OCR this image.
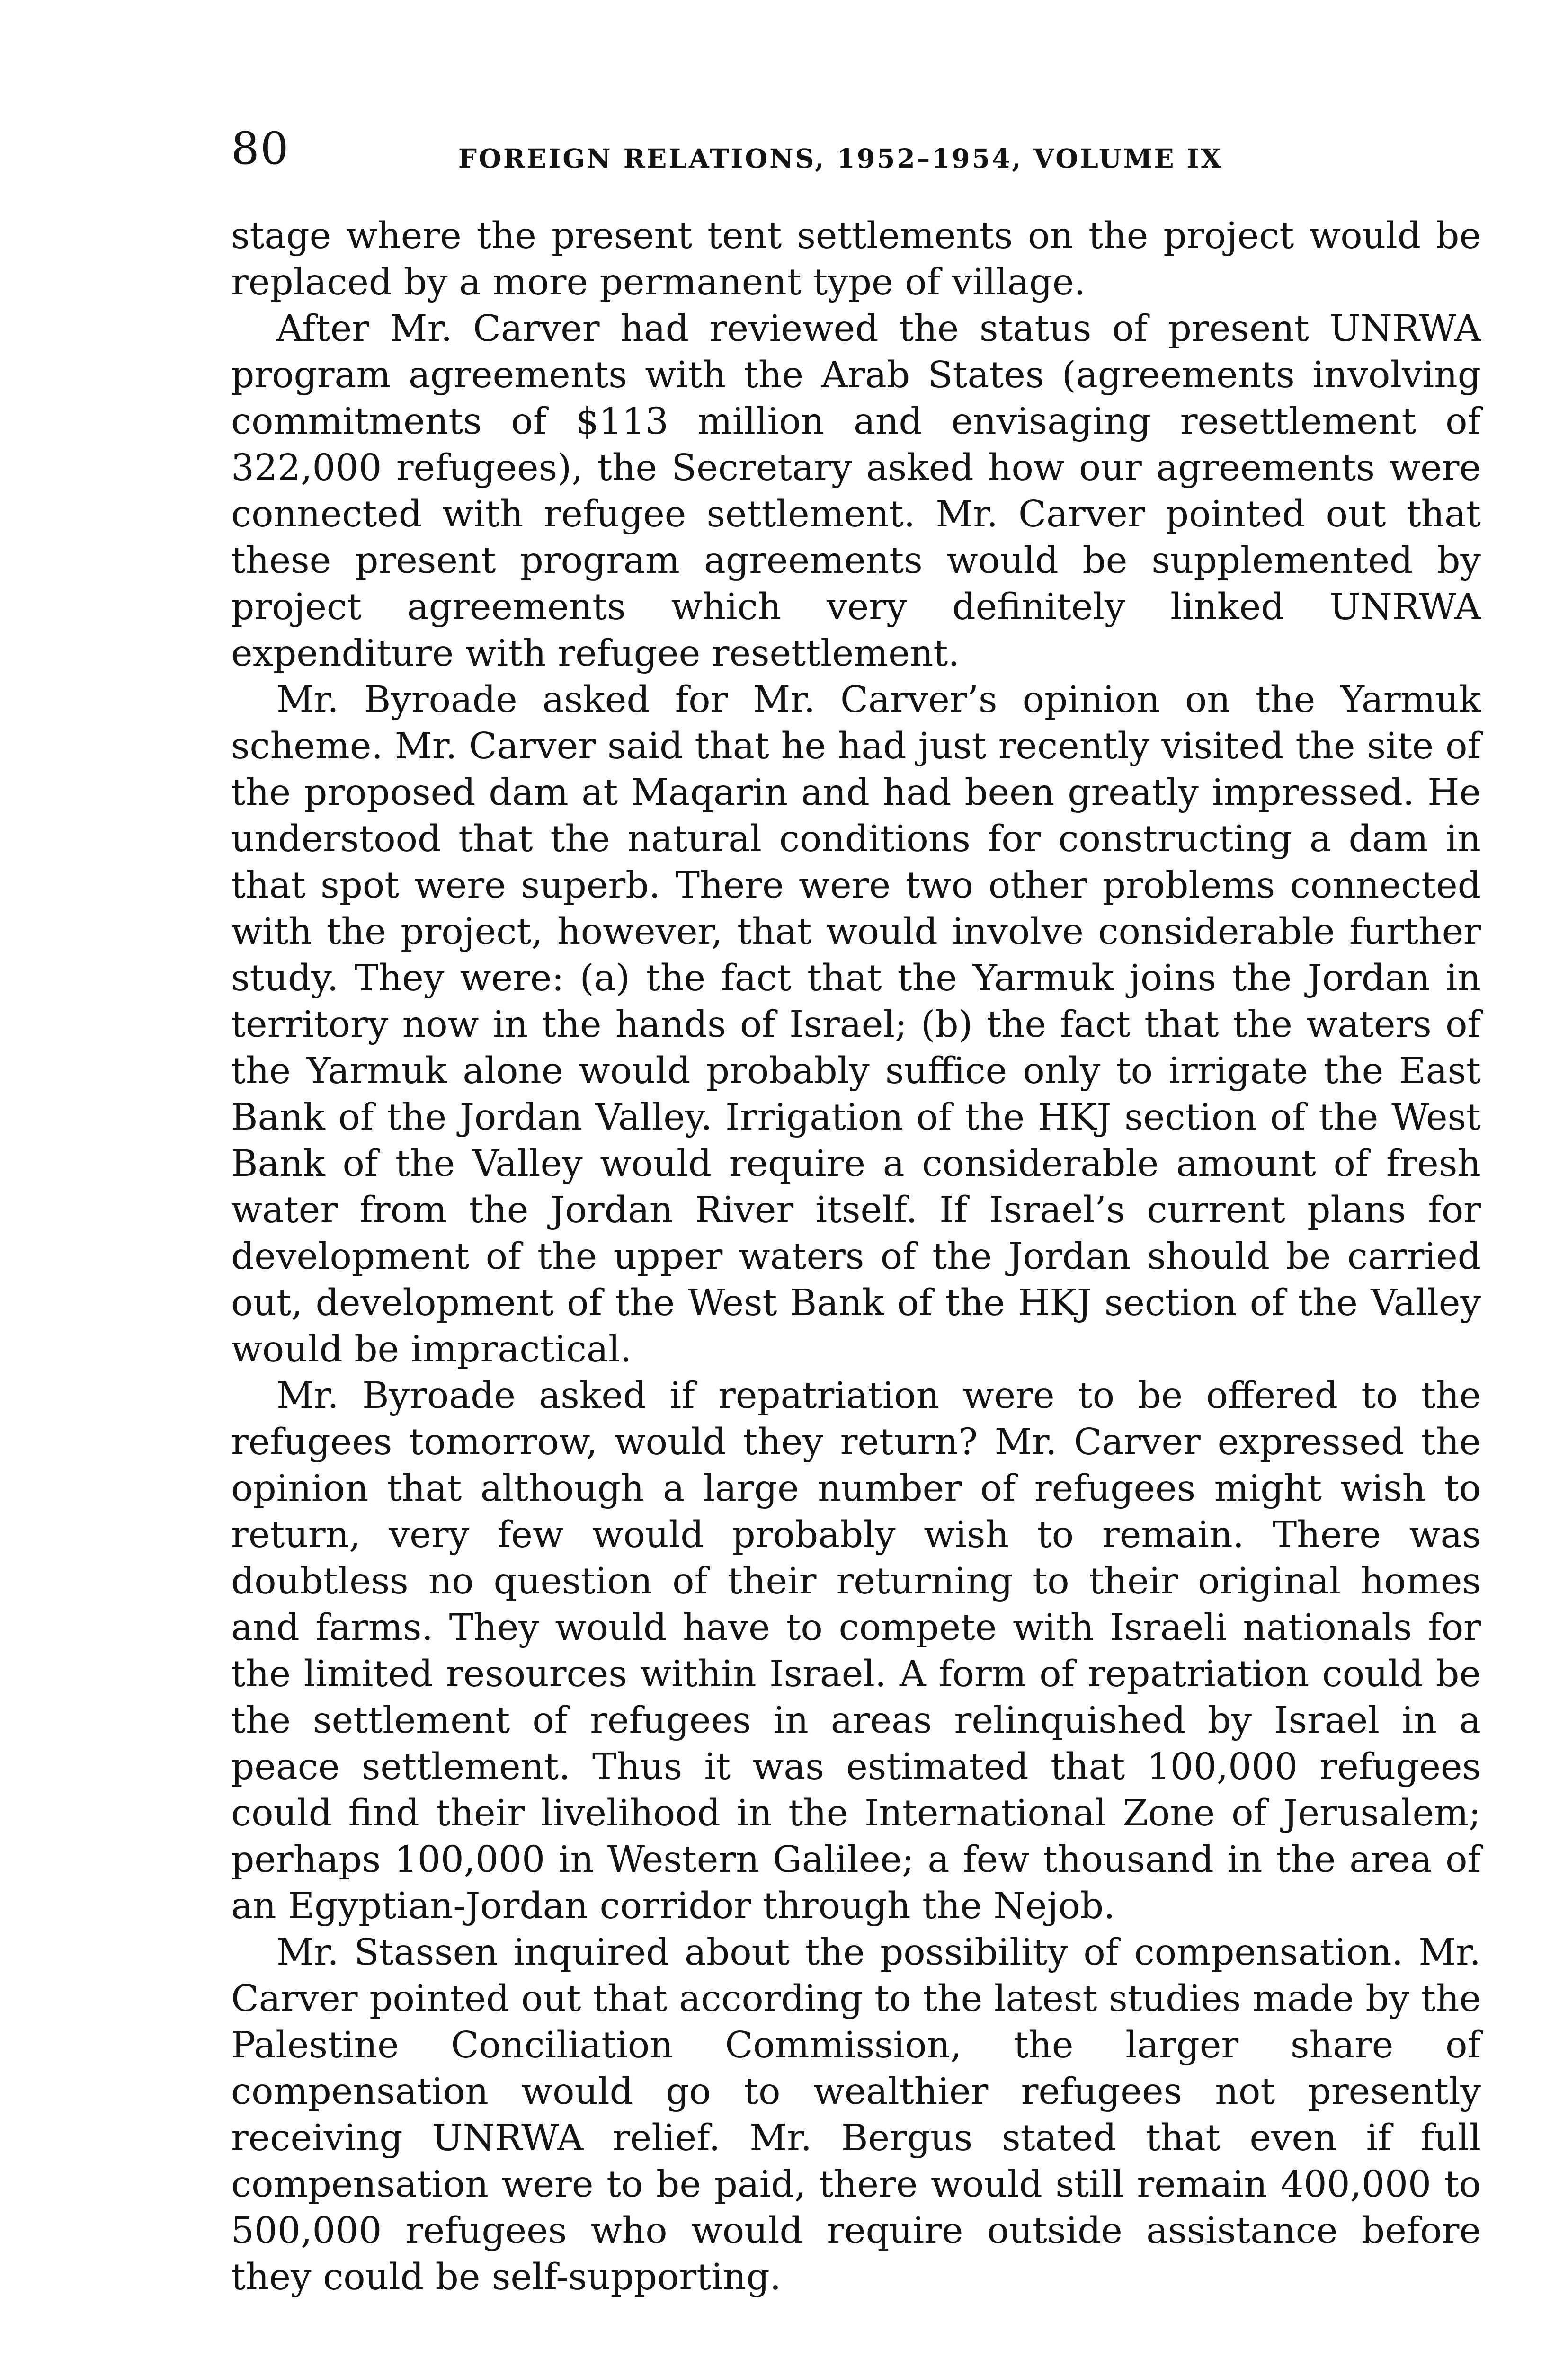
80	FOREIGN RELATIONS, 1952–1954, VOLUME IX

stage where the present tent settlements on the project would be replaced by a more permanent type of village.

After Mr. Carver had reviewed the status of present UNRWA program agreements with the Arab States (agreements involving commitments of $113 million and envisaging resettlement of 322,000 refugees), the Secretary asked how our agreements were connected with refugee settlement. Mr. Carver pointed out that these present program agreements would be supplemented by project agreements which very definitely linked UNRWA expenditure with refugee resettlement.

Mr. Byroade asked for Mr. Carver’s opinion on the Yarmuk scheme. Mr. Carver said that he had just recently visited the site of the proposed dam at Maqarin and had been greatly impressed. He understood that the natural conditions for constructing a dam in that spot were superb. There were two other problems connected with the project, however, that would involve considerable further study. They were: (a) the fact that the Yarmuk joins the Jordan in territory now in the hands of Israel; (b) the fact that the waters of the Yarmuk alone would probably suffice only to irrigate the East Bank of the Jordan Valley. Irrigation of the HKJ section of the West Bank of the Valley would require a considerable amount of fresh water from the Jordan River itself. If Israel’s current plans for development of the upper waters of the Jordan should be carried out, development of the West Bank of the HKJ section of the Valley would be impractical.

Mr. Byroade asked if repatriation were to be offered to the refugees tomorrow, would they return? Mr. Carver expressed the opinion that although a large number of refugees might wish to return, very few would probably wish to remain. There was doubtless no question of their returning to their original homes and farms. They would have to compete with Israeli nationals for the limited resources within Israel. A form of repatriation could be the settlement of refugees in areas relinquished by Israel in a peace settlement. Thus it was estimated that 100,000 refugees could find their livelihood in the International Zone of Jerusalem; perhaps 100,000 in Western Galilee; a few thousand in the area of an Egyptian-Jordan corridor through the Nejob.

Mr. Stassen inquired about the possibility of compensation. Mr. Carver pointed out that according to the latest studies made by the Palestine Conciliation Commission, the larger share of compensation would go to wealthier refugees not presently receiving UNRWA relief. Mr. Bergus stated that even if full compensation were to be paid, there would still remain 400,000 to 500,000 refugees who would require outside assistance before they could be self-supporting.
